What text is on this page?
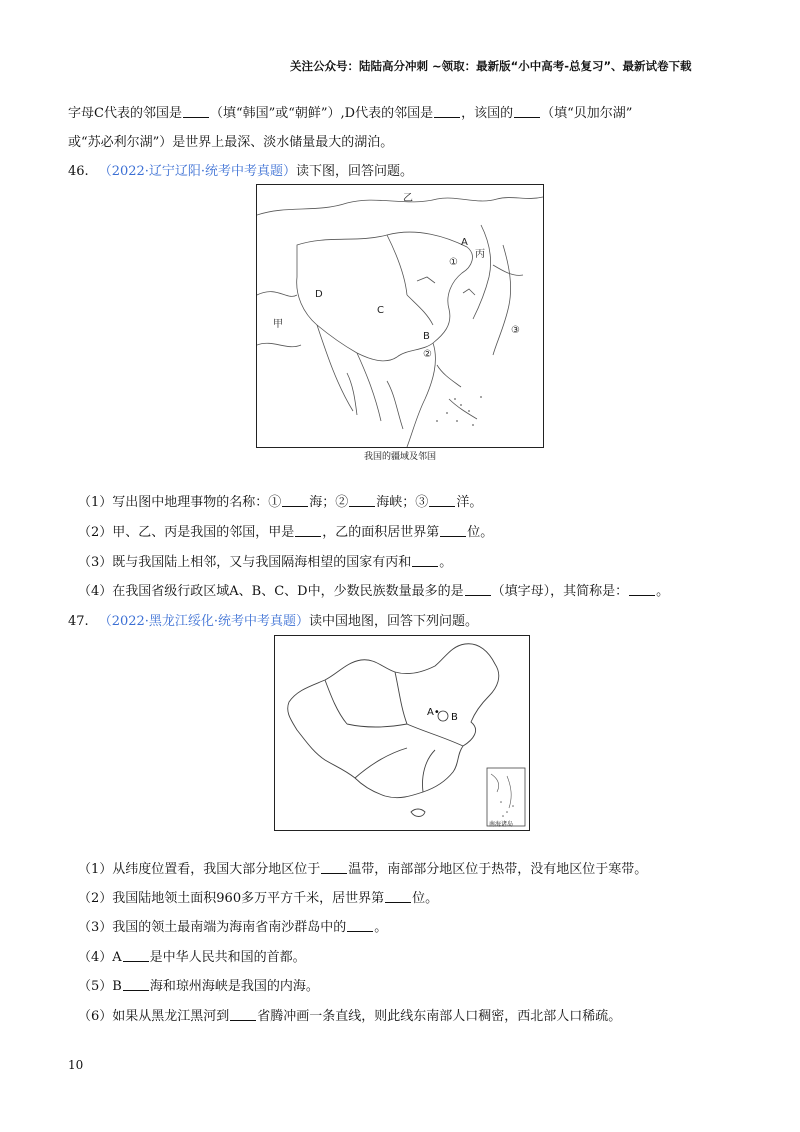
关注公众号：陆陆高分冲刺 ~领取：最新版“小中高考-总复习”、最新试卷下载
字母C代表的邻国是 （填“韩国”或“朝鲜”）,D代表的邻国是 ，该国的 （填“贝加尔湖”
或“苏必利尔湖”）是世界上最深、淡水储量最大的湖泊。
46. （2022·辽宁辽阳·统考中考真题）读下图，回答问题。
乙
A
丙
①
D
甲
C
B
②
③
我国的疆域及邻国
（1）写出图中地理事物的名称：① 海；② 海峡；③ 洋。
（2）甲、乙、丙是我国的邻国，甲是 ，乙的面积居世界第 位。
（3）既与我国陆上相邻，又与我国隔海相望的国家有丙和 。
（4）在我国省级行政区域A、B、C、D中，少数民族数量最多的是 （填字母），其简称是： 。
47. （2022·黑龙江绥化·统考中考真题）读中国地图，回答下列问题。
A• B
南海诸岛
（1）从纬度位置看，我国大部分地区位于 温带，南部部分地区位于热带，没有地区位于寒带。
（2）我国陆地领土面积960多万平方千米，居世界第 位。
（3）我国的领土最南端为海南省南沙群岛中的 。
（4）A 是中华人民共和国的首都。
（5）B 海和琼州海峡是我国的内海。
（6）如果从黑龙江黑河到 省腾冲画一条直线，则此线东南部人口稠密，西北部人口稀疏。
10
